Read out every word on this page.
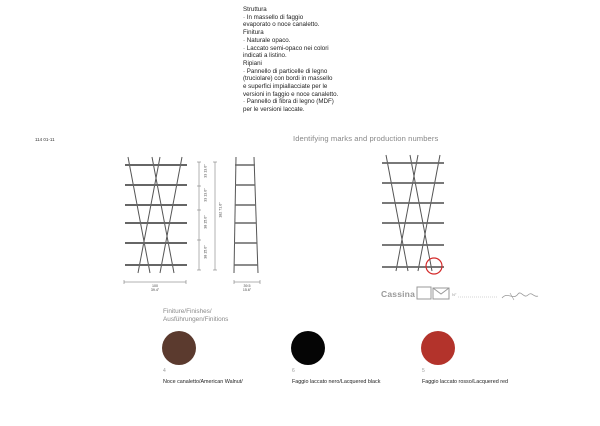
Struttura
· In massello di faggio
evaporato o noce canaletto.
Finitura
· Naturale opaco.
· Laccato semi-opaco nei colori
indicati a listino.
Ripiani
· Pannello di particelle di legno
(truciolare) con bordi in massello
e superfici impiallacciate per le
versioni in faggio e noce canaletto.
· Pannello di fibra di legno (MDF)
per le versioni laccate.
114 01-11	Identifying marks and production numbers
100
39.4"
33 13.0"
33 13.0"
38 15.0"
38 15.0"
182 71.6"
39.5
15.6"	Cassina	N°
Finiture/Finishes/
Ausführungen/Finitions
4
Noce canaletto/American Walnut/
6
Faggio laccato nero/Lacquered black
5
Faggio laccato rosso/Lacquered red
